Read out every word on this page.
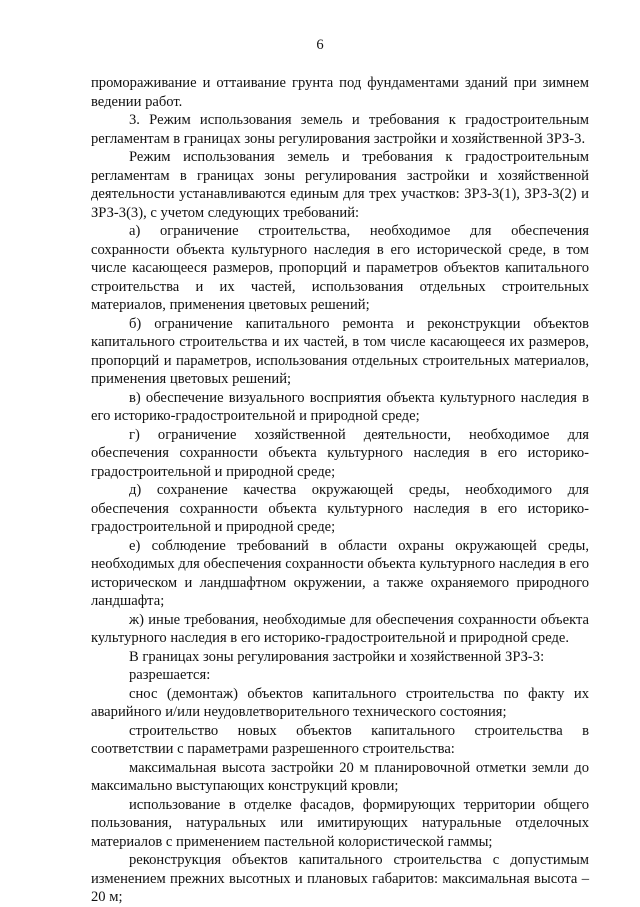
6

промораживание и оттаивание грунта под фундаментами зданий при зимнем ведении работ.

3. Режим использования земель и требования к градостроительным регламентам в границах зоны регулирования застройки и хозяйственной ЗРЗ-3.

Режим использования земель и требования к градостроительным регламентам в границах зоны регулирования застройки и хозяйственной деятельности устанавливаются единым для трех участков: ЗРЗ-3(1), ЗРЗ-3(2) и ЗРЗ-3(3), с учетом следующих требований:

а) ограничение строительства, необходимое для обеспечения сохранности объекта культурного наследия в его исторической среде, в том числе касающееся размеров, пропорций и параметров объектов капитального строительства и их частей, использования отдельных строительных материалов, применения цветовых решений;

б) ограничение капитального ремонта и реконструкции объектов капитального строительства и их частей, в том числе касающееся их размеров, пропорций и параметров, использования отдельных строительных материалов, применения цветовых решений;

в) обеспечение визуального восприятия объекта культурного наследия в его историко-градостроительной и природной среде;

г) ограничение хозяйственной деятельности, необходимое для обеспечения сохранности объекта культурного наследия в его историко-градостроительной и природной среде;

д) сохранение качества окружающей среды, необходимого для обеспечения сохранности объекта культурного наследия в его историко-градостроительной и природной среде;

е) соблюдение требований в области охраны окружающей среды, необходимых для обеспечения сохранности объекта культурного наследия в его историческом и ландшафтном окружении, а также охраняемого природного ландшафта;

ж) иные требования, необходимые для обеспечения сохранности объекта культурного наследия в его историко-градостроительной и природной среде.

В границах зоны регулирования застройки и хозяйственной ЗРЗ-3:

разрешается:

снос (демонтаж) объектов капитального строительства по факту их аварийного и/или неудовлетворительного технического состояния;

строительство новых объектов капитального строительства в соответствии с параметрами разрешенного строительства:

максимальная высота застройки 20 м планировочной отметки земли до максимально выступающих конструкций кровли;

использование в отделке фасадов, формирующих территории общего пользования, натуральных или имитирующих натуральные отделочных материалов с применением пастельной колористической гаммы;

реконструкция объектов капитального строительства с допустимым изменением прежних высотных и плановых габаритов: максимальная высота – 20 м;
